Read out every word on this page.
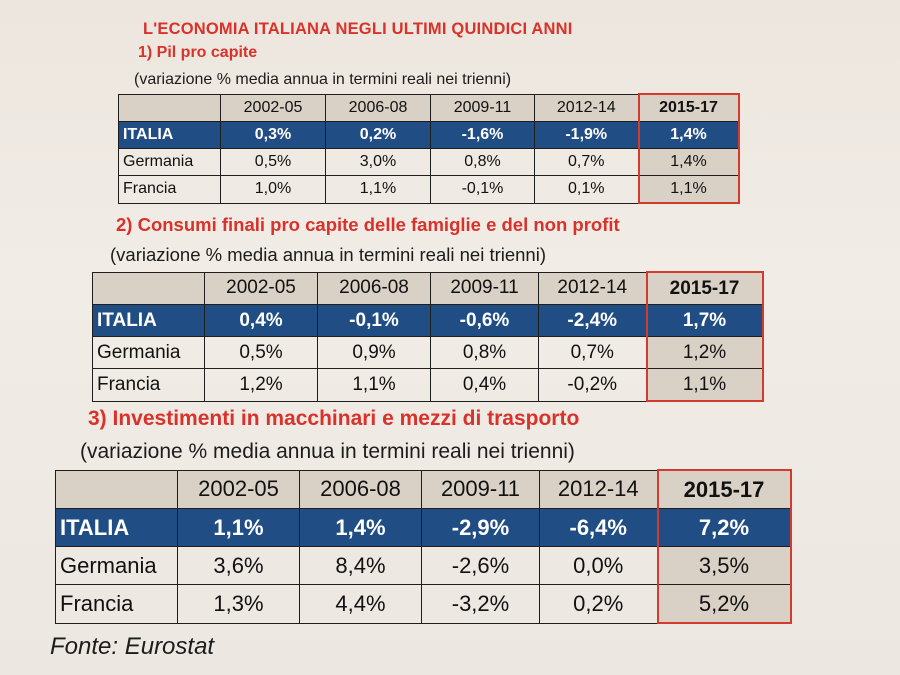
L'ECONOMIA ITALIANA NEGLI ULTIMI QUINDICI ANNI
1) Pil pro capite
(variazione % media annua in termini reali nei trienni)
	2002-05	2006-08	2009-11	2012-14	2015-17
ITALIA	0,3%	0,2%	-1,6%	-1,9%	1,4%
Germania	0,5%	3,0%	0,8%	0,7%	1,4%
Francia	1,0%	1,1%	-0,1%	0,1%	1,1%
2) Consumi finali pro capite delle famiglie e del non profit
(variazione % media annua in termini reali nei trienni)
	2002-05	2006-08	2009-11	2012-14	2015-17
ITALIA	0,4%	-0,1%	-0,6%	-2,4%	1,7%
Germania	0,5%	0,9%	0,8%	0,7%	1,2%
Francia	1,2%	1,1%	0,4%	-0,2%	1,1%
3) Investimenti in macchinari e mezzi di trasporto
(variazione % media annua in termini reali nei trienni)
	2002-05	2006-08	2009-11	2012-14	2015-17
ITALIA	1,1%	1,4%	-2,9%	-6,4%	7,2%
Germania	3,6%	8,4%	-2,6%	0,0%	3,5%
Francia	1,3%	4,4%	-3,2%	0,2%	5,2%
Fonte: Eurostat
